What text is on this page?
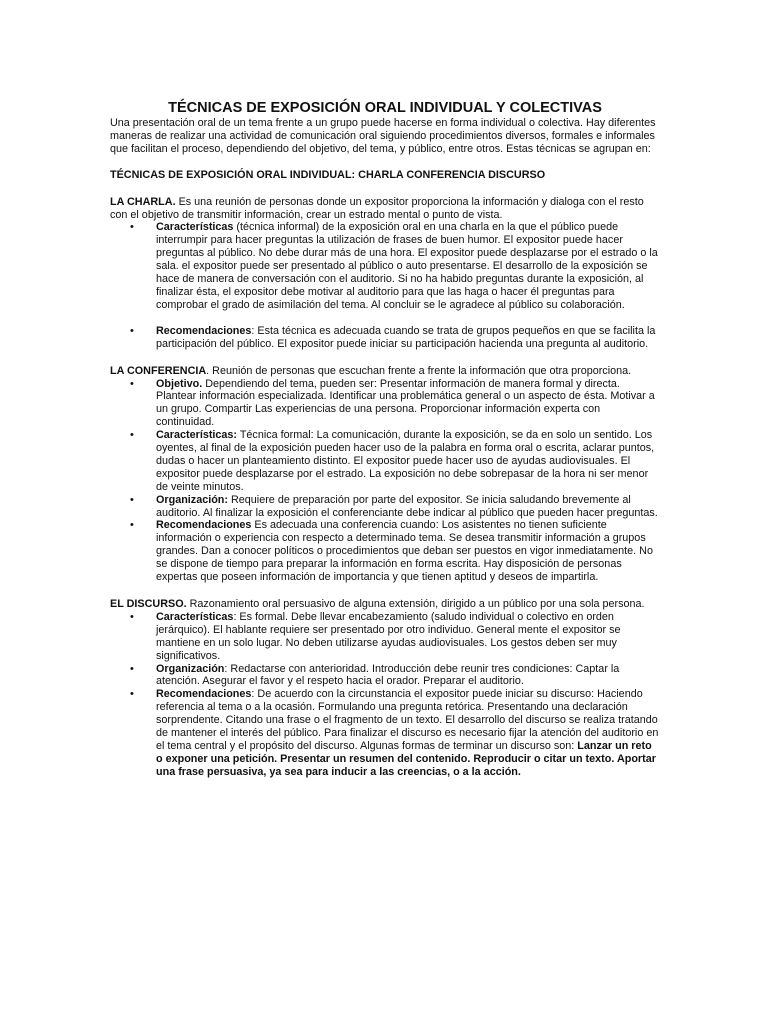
TÉCNICAS DE EXPOSICIÓN ORAL INDIVIDUAL Y COLECTIVAS

Una presentación oral de un tema frente a un grupo puede hacerse en forma individual o colectiva. Hay diferentes maneras de realizar una actividad de comunicación oral siguiendo procedimientos diversos, formales e informales que facilitan el proceso, dependiendo del objetivo, del tema, y público, entre otros. Estas técnicas se agrupan en:

TÉCNICAS DE EXPOSICIÓN ORAL INDIVIDUAL: CHARLA CONFERENCIA DISCURSO

LA CHARLA. Es una reunión de personas donde un expositor proporciona la información y dialoga con el resto con el objetivo de transmitir información, crear un estrado mental o punto de vista.

• Características (técnica informal) de la exposición oral en una charla en la que el público puede interrumpir para hacer preguntas la utilización de frases de buen humor. El expositor puede hacer preguntas al público. No debe durar más de una hora. El expositor puede desplazarse por el estrado o la sala. el expositor puede ser presentado al público o auto presentarse. El desarrollo de la exposición se hace de manera de conversación con el auditorio. Si no ha habido preguntas durante la exposición, al finalizar ésta, el expositor debe motivar al auditorio para que las haga o hacer él preguntas para comprobar el grado de asimilación del tema. Al concluir se le agradece al público su colaboración.
• Recomendaciones: Esta técnica es adecuada cuando se trata de grupos pequeños en que se facilita la participación del público. El expositor puede iniciar su participación hacienda una pregunta al auditorio.

LA CONFERENCIA. Reunión de personas que escuchan frente a frente la información que otra proporciona.

• Objetivo. Dependiendo del tema, pueden ser: Presentar información de manera formal y directa. Plantear información especializada. Identificar una problemática general o un aspecto de ésta. Motivar a un grupo. Compartir Las experiencias de una persona. Proporcionar información experta con continuidad.
• Características: Técnica formal: La comunicación, durante la exposición, se da en solo un sentido. Los oyentes, al final de la exposición pueden hacer uso de la palabra en forma oral o escrita, aclarar puntos, dudas o hacer un planteamiento distinto. El expositor puede hacer uso de ayudas audiovisuales. El expositor puede desplazarse por el estrado. La exposición no debe sobrepasar de la hora ni ser menor de veinte minutos.
• Organización: Requiere de preparación por parte del expositor. Se inicia saludando brevemente al auditorio. Al finalizar la exposición el conferenciante debe indicar al público que pueden hacer preguntas.
• Recomendaciones Es adecuada una conferencia cuando: Los asistentes no tienen suficiente información o experiencia con respecto a determinado tema. Se desea transmitir información a grupos grandes. Dan a conocer políticos o procedimientos que deban ser puestos en vigor inmediatamente. No se dispone de tiempo para preparar la información en forma escrita. Hay disposición de personas expertas que poseen información de importancia y que tienen aptitud y deseos de impartirla.

EL DISCURSO. Razonamiento oral persuasivo de alguna extensión, dirigido a un público por una sola persona.

• Características: Es formal. Debe llevar encabezamiento (saludo individual o colectivo en orden jerárquico). El hablante requiere ser presentado por otro individuo. General mente el expositor se mantiene en un solo lugar. No deben utilizarse ayudas audiovisuales. Los gestos deben ser muy significativos.
• Organización: Redactarse con anterioridad. Introducción debe reunir tres condiciones: Captar la atención. Asegurar el favor y el respeto hacia el orador. Preparar el auditorio.
• Recomendaciones: De acuerdo con la circunstancia el expositor puede iniciar su discurso: Haciendo referencia al tema o a la ocasión. Formulando una pregunta retórica. Presentando una declaración sorprendente. Citando una frase o el fragmento de un texto. El desarrollo del discurso se realiza tratando de mantener el interés del público. Para finalizar el discurso es necesario fijar la atención del auditorio en el tema central y el propósito del discurso. Algunas formas de terminar un discurso son: Lanzar un reto o exponer una petición. Presentar un resumen del contenido. Reproducir o citar un texto. Aportar una frase persuasiva, ya sea para inducir a las creencias, o a la acción.
